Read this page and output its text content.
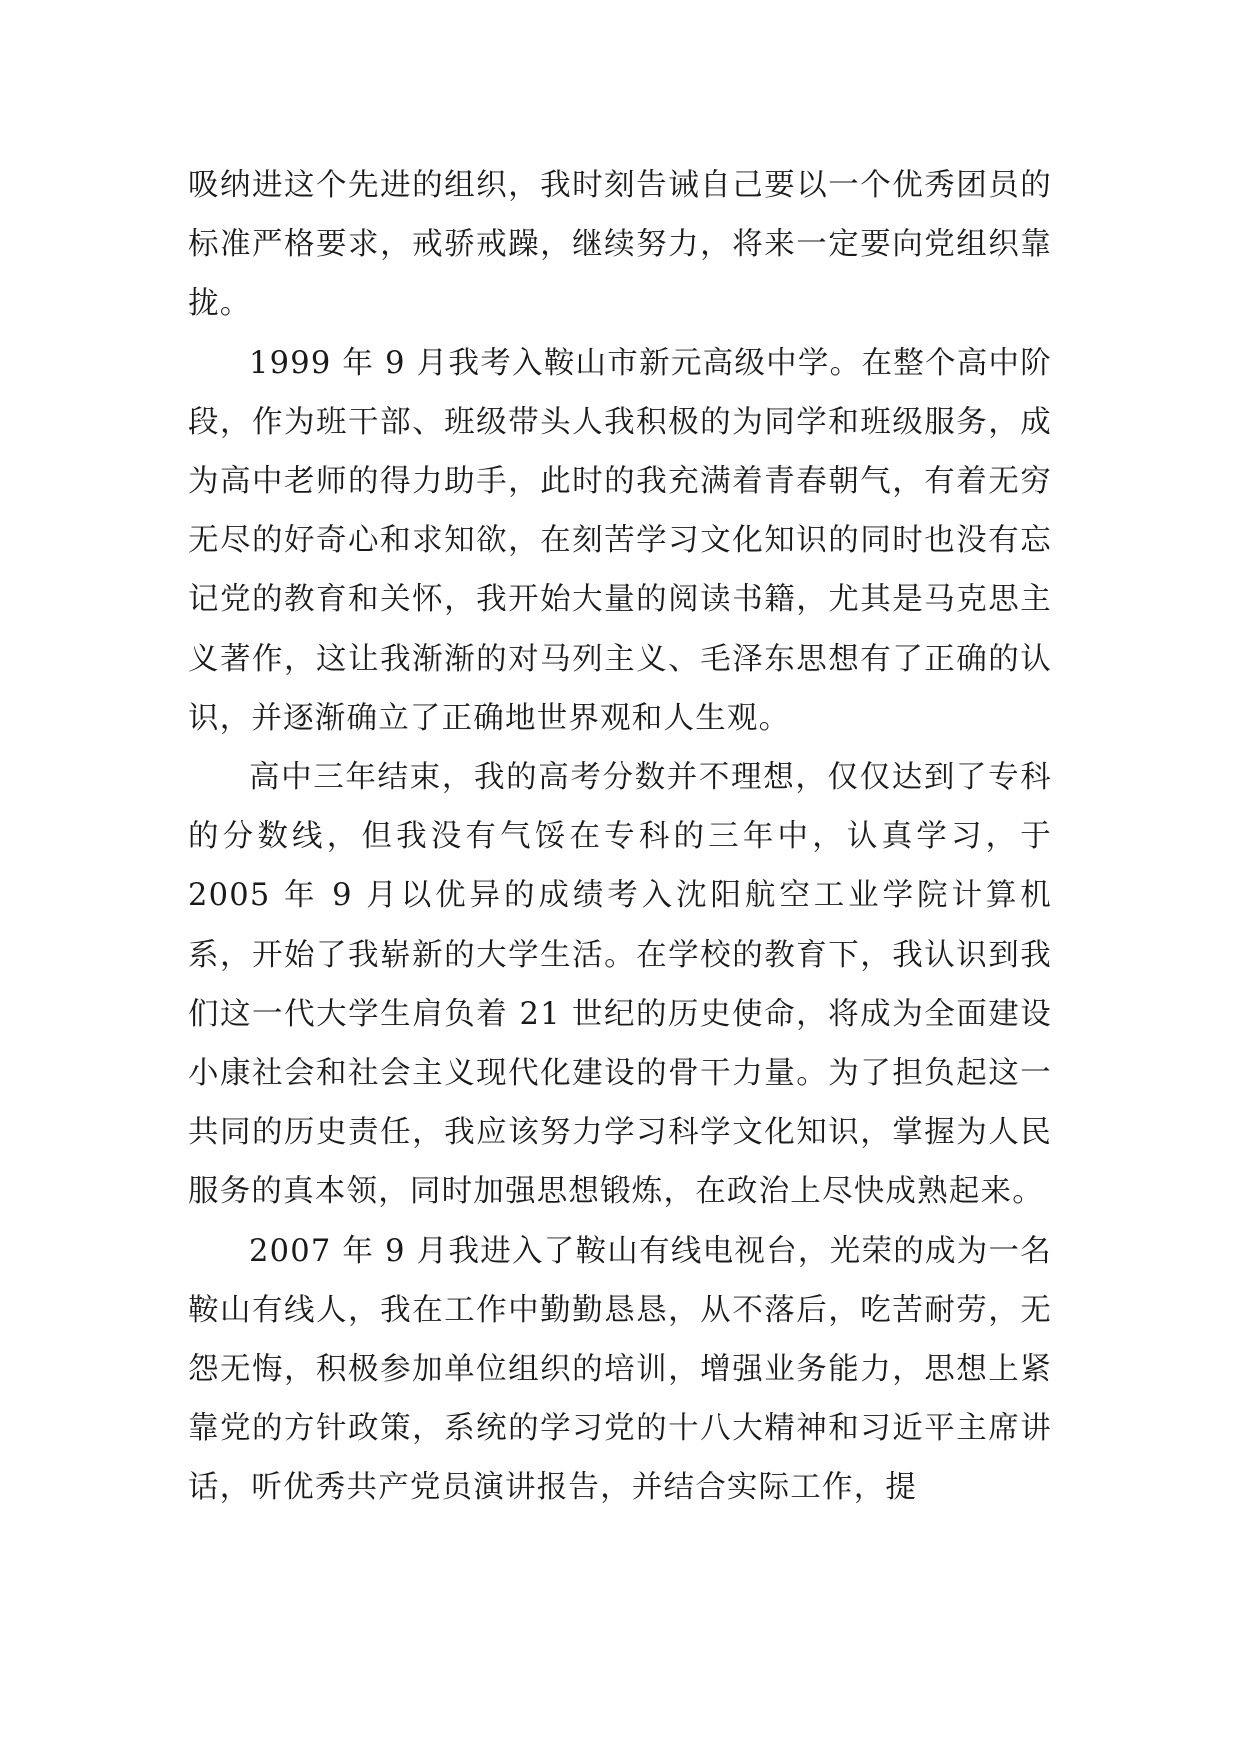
吸纳进这个先进的组织，我时刻告诫自己要以一个优秀团员的标准严格要求，戒骄戒躁，继续努力，将来一定要向党组织靠拢。

1999 年 9 月我考入鞍山市新元高级中学。在整个高中阶段，作为班干部、班级带头人我积极的为同学和班级服务，成为高中老师的得力助手，此时的我充满着青春朝气，有着无穷无尽的好奇心和求知欲，在刻苦学习文化知识的同时也没有忘记党的教育和关怀，我开始大量的阅读书籍，尤其是马克思主义著作，这让我渐渐的对马列主义、毛泽东思想有了正确的认识，并逐渐确立了正确地世界观和人生观。

高中三年结束，我的高考分数并不理想，仅仅达到了专科的分数线，但我没有气馁在专科的三年中，认真学习，于2005 年 9 月以优异的成绩考入沈阳航空工业学院计算机系，开始了我崭新的大学生活。在学校的教育下，我认识到我们这一代大学生肩负着 21 世纪的历史使命，将成为全面建设小康社会和社会主义现代化建设的骨干力量。为了担负起这一共同的历史责任，我应该努力学习科学文化知识，掌握为人民服务的真本领，同时加强思想锻炼，在政治上尽快成熟起来。

2007 年 9 月我进入了鞍山有线电视台，光荣的成为一名鞍山有线人，我在工作中勤勤恳恳，从不落后，吃苦耐劳，无怨无悔，积极参加单位组织的培训，增强业务能力，思想上紧靠党的方针政策，系统的学习党的十八大精神和习近平主席讲话，听优秀共产党员演讲报告，并结合实际工作，提
